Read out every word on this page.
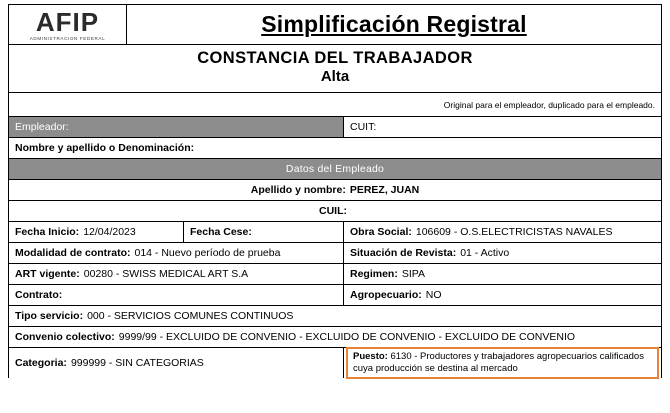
AFIP
ADMINISTRACION FEDERAL
Simplificación Registral
CONSTANCIA DEL TRABAJADOR
Alta
Original para el empleador, duplicado para el empleado.
Empleador:	CUIT:
Nombre y apellido o Denominación:
Datos del Empleado
Apellido y nombre: PEREZ, JUAN
CUIL:
Fecha Inicio: 12/04/2023	Fecha Cese:	Obra Social: 106609 - O.S.ELECTRICISTAS NAVALES
Modalidad de contrato: 014 - Nuevo período de prueba	Situación de Revista: 01 - Activo
ART vigente: 00280 - SWISS MEDICAL ART S.A	Regimen: SIPA
Contrato:	Agropecuario: NO
Tipo servicio: 000 - SERVICIOS COMUNES CONTINUOS
Convenio colectivo: 9999/99 - EXCLUIDO DE CONVENIO - EXCLUIDO DE CONVENIO - EXCLUIDO DE CONVENIO
Categoria: 999999 - SIN CATEGORIAS
Puesto: 6130 - Productores y trabajadores agropecuarios calificados cuya producción se destina al mercado
